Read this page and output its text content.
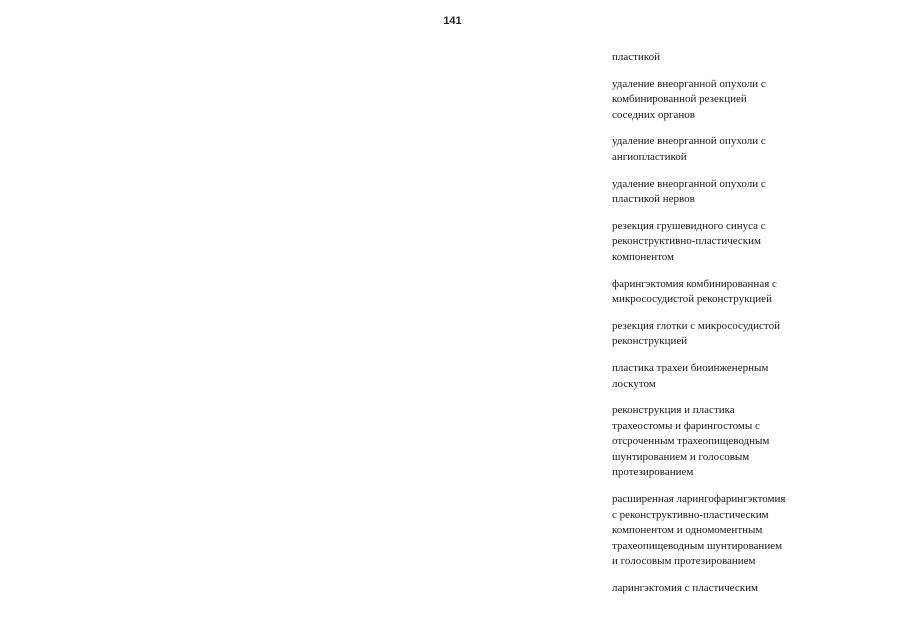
141
пластикой
удаление внеорганной опухоли с
комбинированной резекцией
соседних органов
удаление внеорганной опухоли с
ангиопластикой
удаление внеорганной опухоли с
пластикой нервов
резекция грушевидного синуса с
реконструктивно-пластическим
компонентом
фарингэктомия комбинированная с
микрососудистой реконструкцией
резекция глотки с микрососудистой
реконструкцией
пластика трахеи биоинженерным
лоскутом
реконструкция и пластика
трахеостомы и фарингостомы с
отсроченным трахеопищеводным
шунтированием и голосовым
протезированием
расширенная ларингофарингэктомия
с реконструктивно-пластическим
компонентом и одномоментным
трахеопищеводным шунтированием
и голосовым протезированием
ларингэктомия с пластическим
